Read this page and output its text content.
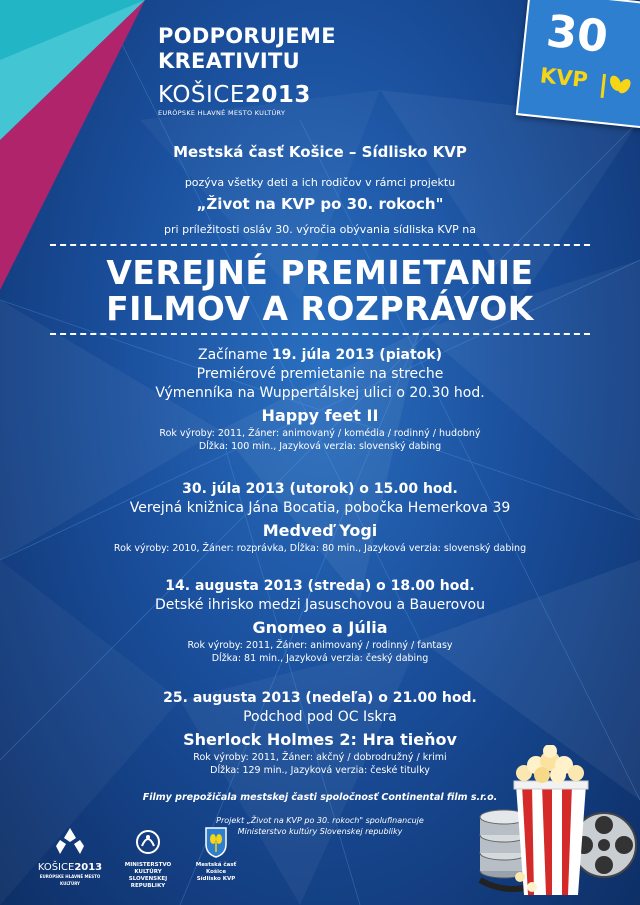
PODPORUJEME
KREATIVITU
KOŠICE2013
EURÓPSKE HLAVNÉ MESTO KULTÚRY
30
KVP
Mestská časť Košice – Sídlisko KVP
pozýva všetky deti a ich rodičov v rámci projektu
„Život na KVP po 30. rokoch"
pri príležitosti osláv 30. výročia obývania sídliska KVP na
VEREJNÉ PREMIETANIE
FILMOV A ROZPRÁVOK
Začíname 19. júla 2013 (piatok)
Premiérové premietanie na streche
Výmenníka na Wuppertálskej ulici o 20.30 hod.
Happy feet II
Rok výroby: 2011, Žáner: animovaný / komédia / rodinný / hudobný
Dĺžka: 100 min., Jazyková verzia: slovenský dabing
30. júla 2013 (utorok) o 15.00 hod.
Verejná knižnica Jána Bocatia, pobočka Hemerkova 39
Medveď Yogi
Rok výroby: 2010, Žáner: rozprávka, Dĺžka: 80 min., Jazyková verzia: slovenský dabing
14. augusta 2013 (streda) o 18.00 hod.
Detské ihrisko medzi Jasuschovou a Bauerovou
Gnomeo a Júlia
Rok výroby: 2011, Žáner: animovaný / rodinný / fantasy
Dĺžka: 81 min., Jazyková verzia: český dabing
25. augusta 2013 (nedeľa) o 21.00 hod.
Podchod pod OC Iskra
Sherlock Holmes 2: Hra tieňov
Rok výroby: 2011, Žáner: akčný / dobrodružný / krimi
Dĺžka: 129 min., Jazyková verzia: české titulky
Filmy prepožičala mestskej časti spoločnosť Continental film s.r.o.
Projekt „Život na KVP po 30. rokoch" spolufinancuje
Ministerstvo kultúry Slovenskej republiky
KOŠICE2013
EURÓPSKE HLAVNÉ MESTO KULTÚRY
MINISTERSTVO KULTÚRY
SLOVENSKEJ REPUBLIKY
Mestská časť Košice
Sídlisko KVP
